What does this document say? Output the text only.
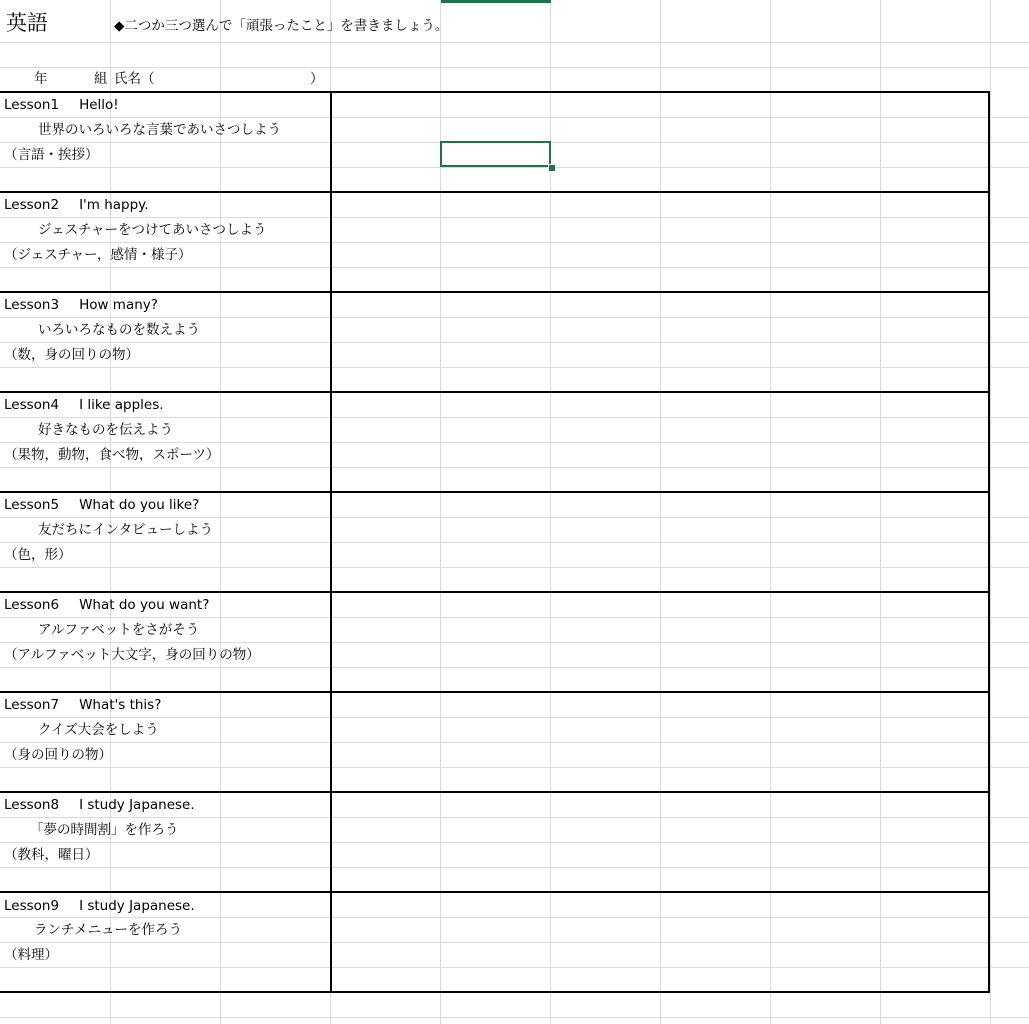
英語	◆二つか三つ選んで「頑張ったこと」を書きましょう。
年	組 氏名（	）
Lesson1 Hello!
世界のいろいろな言葉であいさつしよう
（言語・挨拶）
Lesson2 I'm happy.
ジェスチャーをつけてあいさつしよう
（ジェスチャー，感情・様子）
Lesson3 How many?
いろいろなものを数えよう
（数，身の回りの物）
Lesson4 I like apples.
好きなものを伝えよう
（果物，動物，食べ物，スポーツ）
Lesson5 What do you like?
友だちにインタビューしよう
（色，形）
Lesson6 What do you want?
アルファベットをさがそう
（アルファベット大文字，身の回りの物）
Lesson7 What's this?
クイズ大会をしよう
（身の回りの物）
Lesson8 I study Japanese.
「夢の時間割」を作ろう
（教科，曜日）
Lesson9 I study Japanese.
ランチメニューを作ろう
（料理）
